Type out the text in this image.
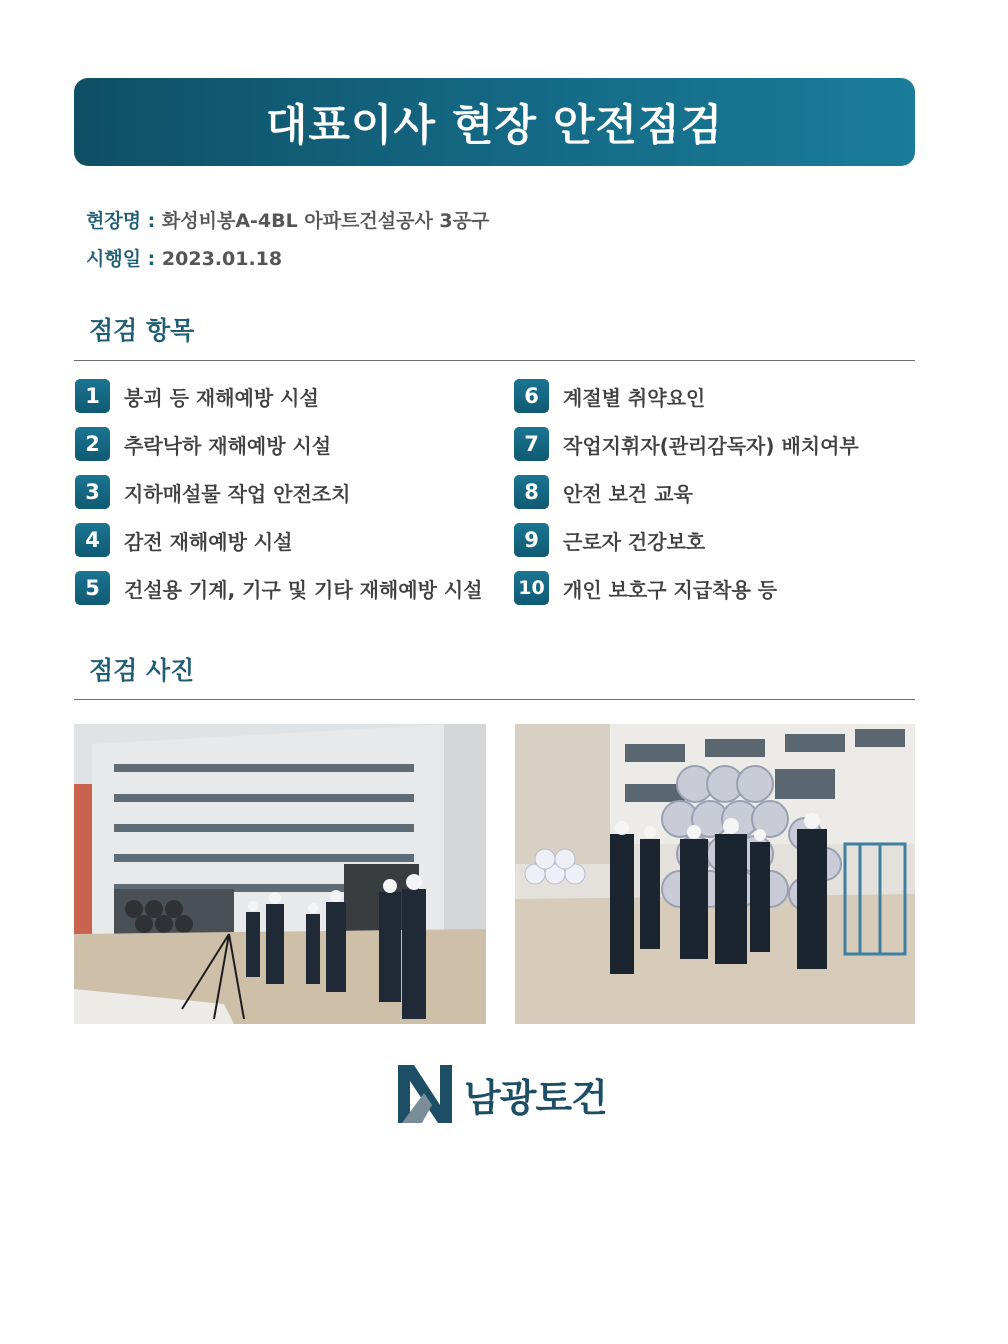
대표이사 현장 안전점검
현장명 : 화성비봉A-4BL 아파트건설공사 3공구
시행일 : 2023.01.18
점검 항목
1	붕괴 등 재해예방 시설
2	추락낙하 재해예방 시설
3	지하매설물 작업 안전조치
4	감전 재해예방 시설
5	건설용 기계, 기구 및 기타 재해예방 시설
6	계절별 취약요인
7	작업지휘자(관리감독자) 배치여부
8	안전 보건 교육
9	근로자 건강보호
10 개인 보호구 지급착용 등
점검 사진
남광토건
